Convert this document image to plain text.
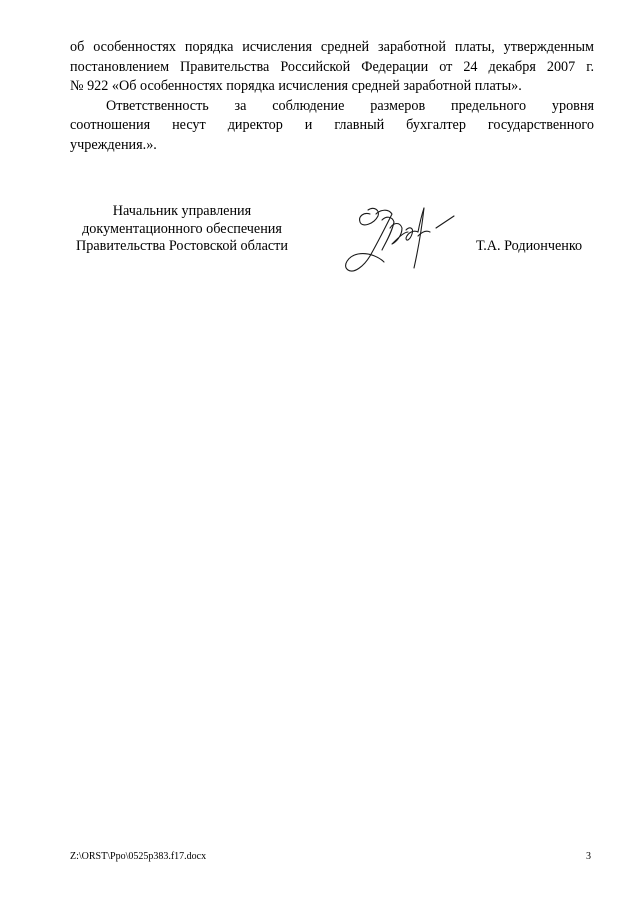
об особенностях порядка исчисления средней заработной платы, утвержденным
постановлением Правительства Российской Федерации от 24 декабря 2007 г.
№ 922 «Об особенностях порядка исчисления средней заработной платы».

Ответственность за соблюдение размеров предельного уровня
соотношения несут директор и главный бухгалтер государственного
учреждения.».

Начальник управления
документационного обеспечения
Правительства Ростовской области	Т.А. Родионченко
Z:\ORST\Ppo\0525p383.f17.docx	3
